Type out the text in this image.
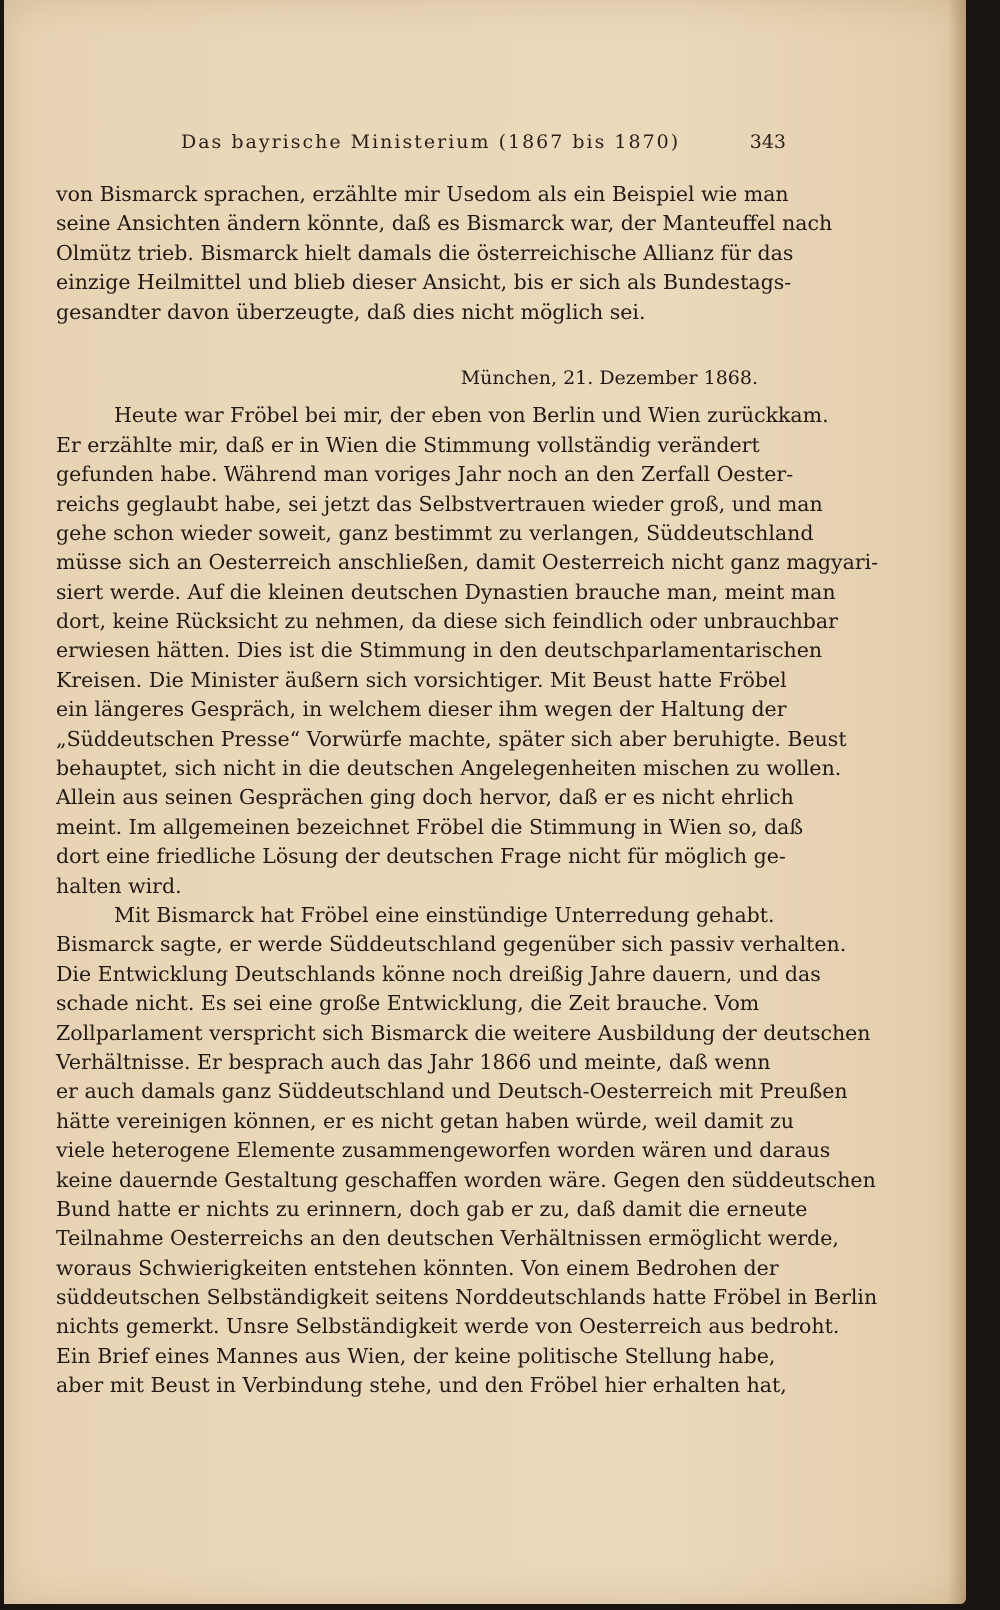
Das bayrische Ministerium (1867 bis 1870)	343
von Bismarck sprachen, erzählte mir Usedom als ein Beispiel wie man
seine Ansichten ändern könnte, daß es Bismarck war, der Manteuffel nach
Olmütz trieb. Bismarck hielt damals die österreichische Allianz für das
einzige Heilmittel und blieb dieser Ansicht, bis er sich als Bundestags-
gesandter davon überzeugte, daß dies nicht möglich sei.
München, 21. Dezember 1868.
Heute war Fröbel bei mir, der eben von Berlin und Wien zurückkam.
Er erzählte mir, daß er in Wien die Stimmung vollständig verändert
gefunden habe. Während man voriges Jahr noch an den Zerfall Oester-
reichs geglaubt habe, sei jetzt das Selbstvertrauen wieder groß, und man
gehe schon wieder soweit, ganz bestimmt zu verlangen, Süddeutschland
müsse sich an Oesterreich anschließen, damit Oesterreich nicht ganz magyari-
siert werde. Auf die kleinen deutschen Dynastien brauche man, meint man
dort, keine Rücksicht zu nehmen, da diese sich feindlich oder unbrauchbar
erwiesen hätten. Dies ist die Stimmung in den deutschparlamentarischen
Kreisen. Die Minister äußern sich vorsichtiger. Mit Beust hatte Fröbel
ein längeres Gespräch, in welchem dieser ihm wegen der Haltung der
„Süddeutschen Presse“ Vorwürfe machte, später sich aber beruhigte. Beust
behauptet, sich nicht in die deutschen Angelegenheiten mischen zu wollen.
Allein aus seinen Gesprächen ging doch hervor, daß er es nicht ehrlich
meint. Im allgemeinen bezeichnet Fröbel die Stimmung in Wien so, daß
dort eine friedliche Lösung der deutschen Frage nicht für möglich ge-
halten wird.
Mit Bismarck hat Fröbel eine einstündige Unterredung gehabt.
Bismarck sagte, er werde Süddeutschland gegenüber sich passiv verhalten.
Die Entwicklung Deutschlands könne noch dreißig Jahre dauern, und das
schade nicht. Es sei eine große Entwicklung, die Zeit brauche. Vom
Zollparlament verspricht sich Bismarck die weitere Ausbildung der deutschen
Verhältnisse. Er besprach auch das Jahr 1866 und meinte, daß wenn
er auch damals ganz Süddeutschland und Deutsch-Oesterreich mit Preußen
hätte vereinigen können, er es nicht getan haben würde, weil damit zu
viele heterogene Elemente zusammengeworfen worden wären und daraus
keine dauernde Gestaltung geschaffen worden wäre. Gegen den süddeutschen
Bund hatte er nichts zu erinnern, doch gab er zu, daß damit die erneute
Teilnahme Oesterreichs an den deutschen Verhältnissen ermöglicht werde,
woraus Schwierigkeiten entstehen könnten. Von einem Bedrohen der
süddeutschen Selbständigkeit seitens Norddeutschlands hatte Fröbel in Berlin
nichts gemerkt. Unsre Selbständigkeit werde von Oesterreich aus bedroht.
Ein Brief eines Mannes aus Wien, der keine politische Stellung habe,
aber mit Beust in Verbindung stehe, und den Fröbel hier erhalten hat,
